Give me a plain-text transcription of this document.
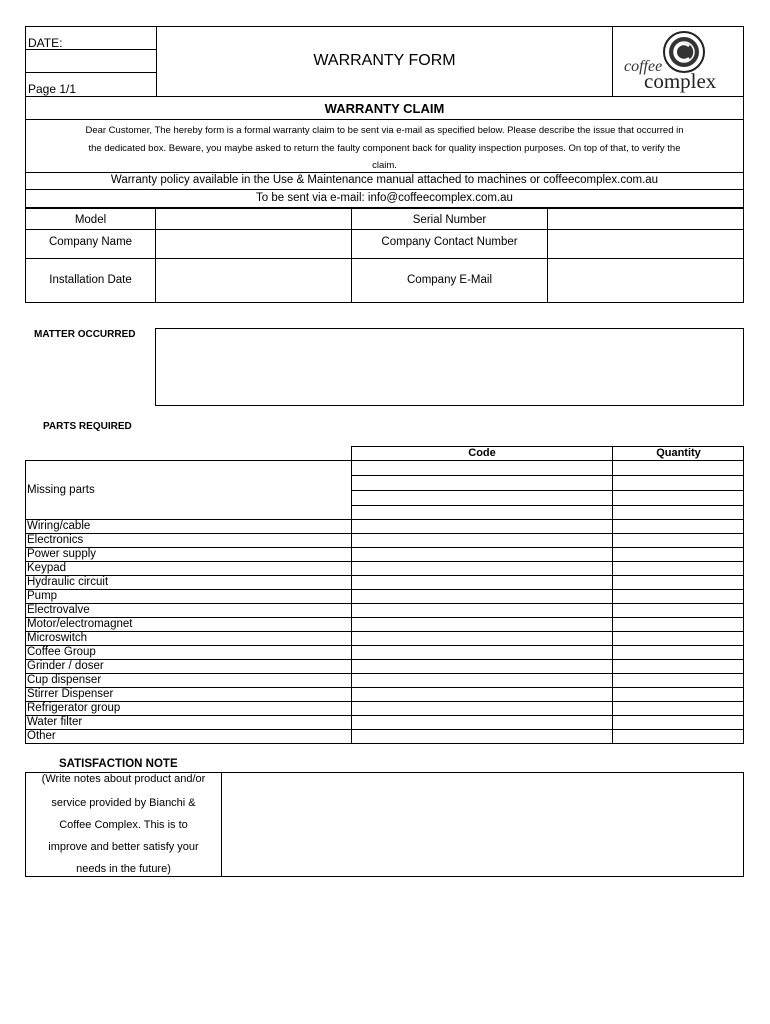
DATE:
Page 1/1
WARRANTY FORM	coffee
complex
WARRANTY CLAIM
Dear Customer, The hereby form is a formal warranty claim to be sent via e-mail as specified below. Please describe the issue that occurred in
the dedicated box. Beware, you maybe asked to return the faulty component back for quality inspection purposes. On top of that, to verify the
claim.
Warranty policy available in the Use & Maintenance manual attached to machines or coffeecomplex.com.au
To be sent via e-mail: info@coffeecomplex.com.au
Model	Serial Number
Company Name	Company Contact Number
Installation Date	Company E-Mail
MATTER OCCURRED
PARTS REQUIRED
Code	Quantity
Missing parts
Wiring/cable
Electronics
Power supply
Keypad
Hydraulic circuit
Pump
Electrovalve
Motor/electromagnet
Microswitch
Coffee Group
Grinder / doser
Cup dispenser
Stirrer Dispenser
Refrigerator group
Water filter
Other
SATISFACTION NOTE
(Write notes about product and/or
service provided by Bianchi &
Coffee Complex. This is to
improve and better satisfy your
needs in the future)
